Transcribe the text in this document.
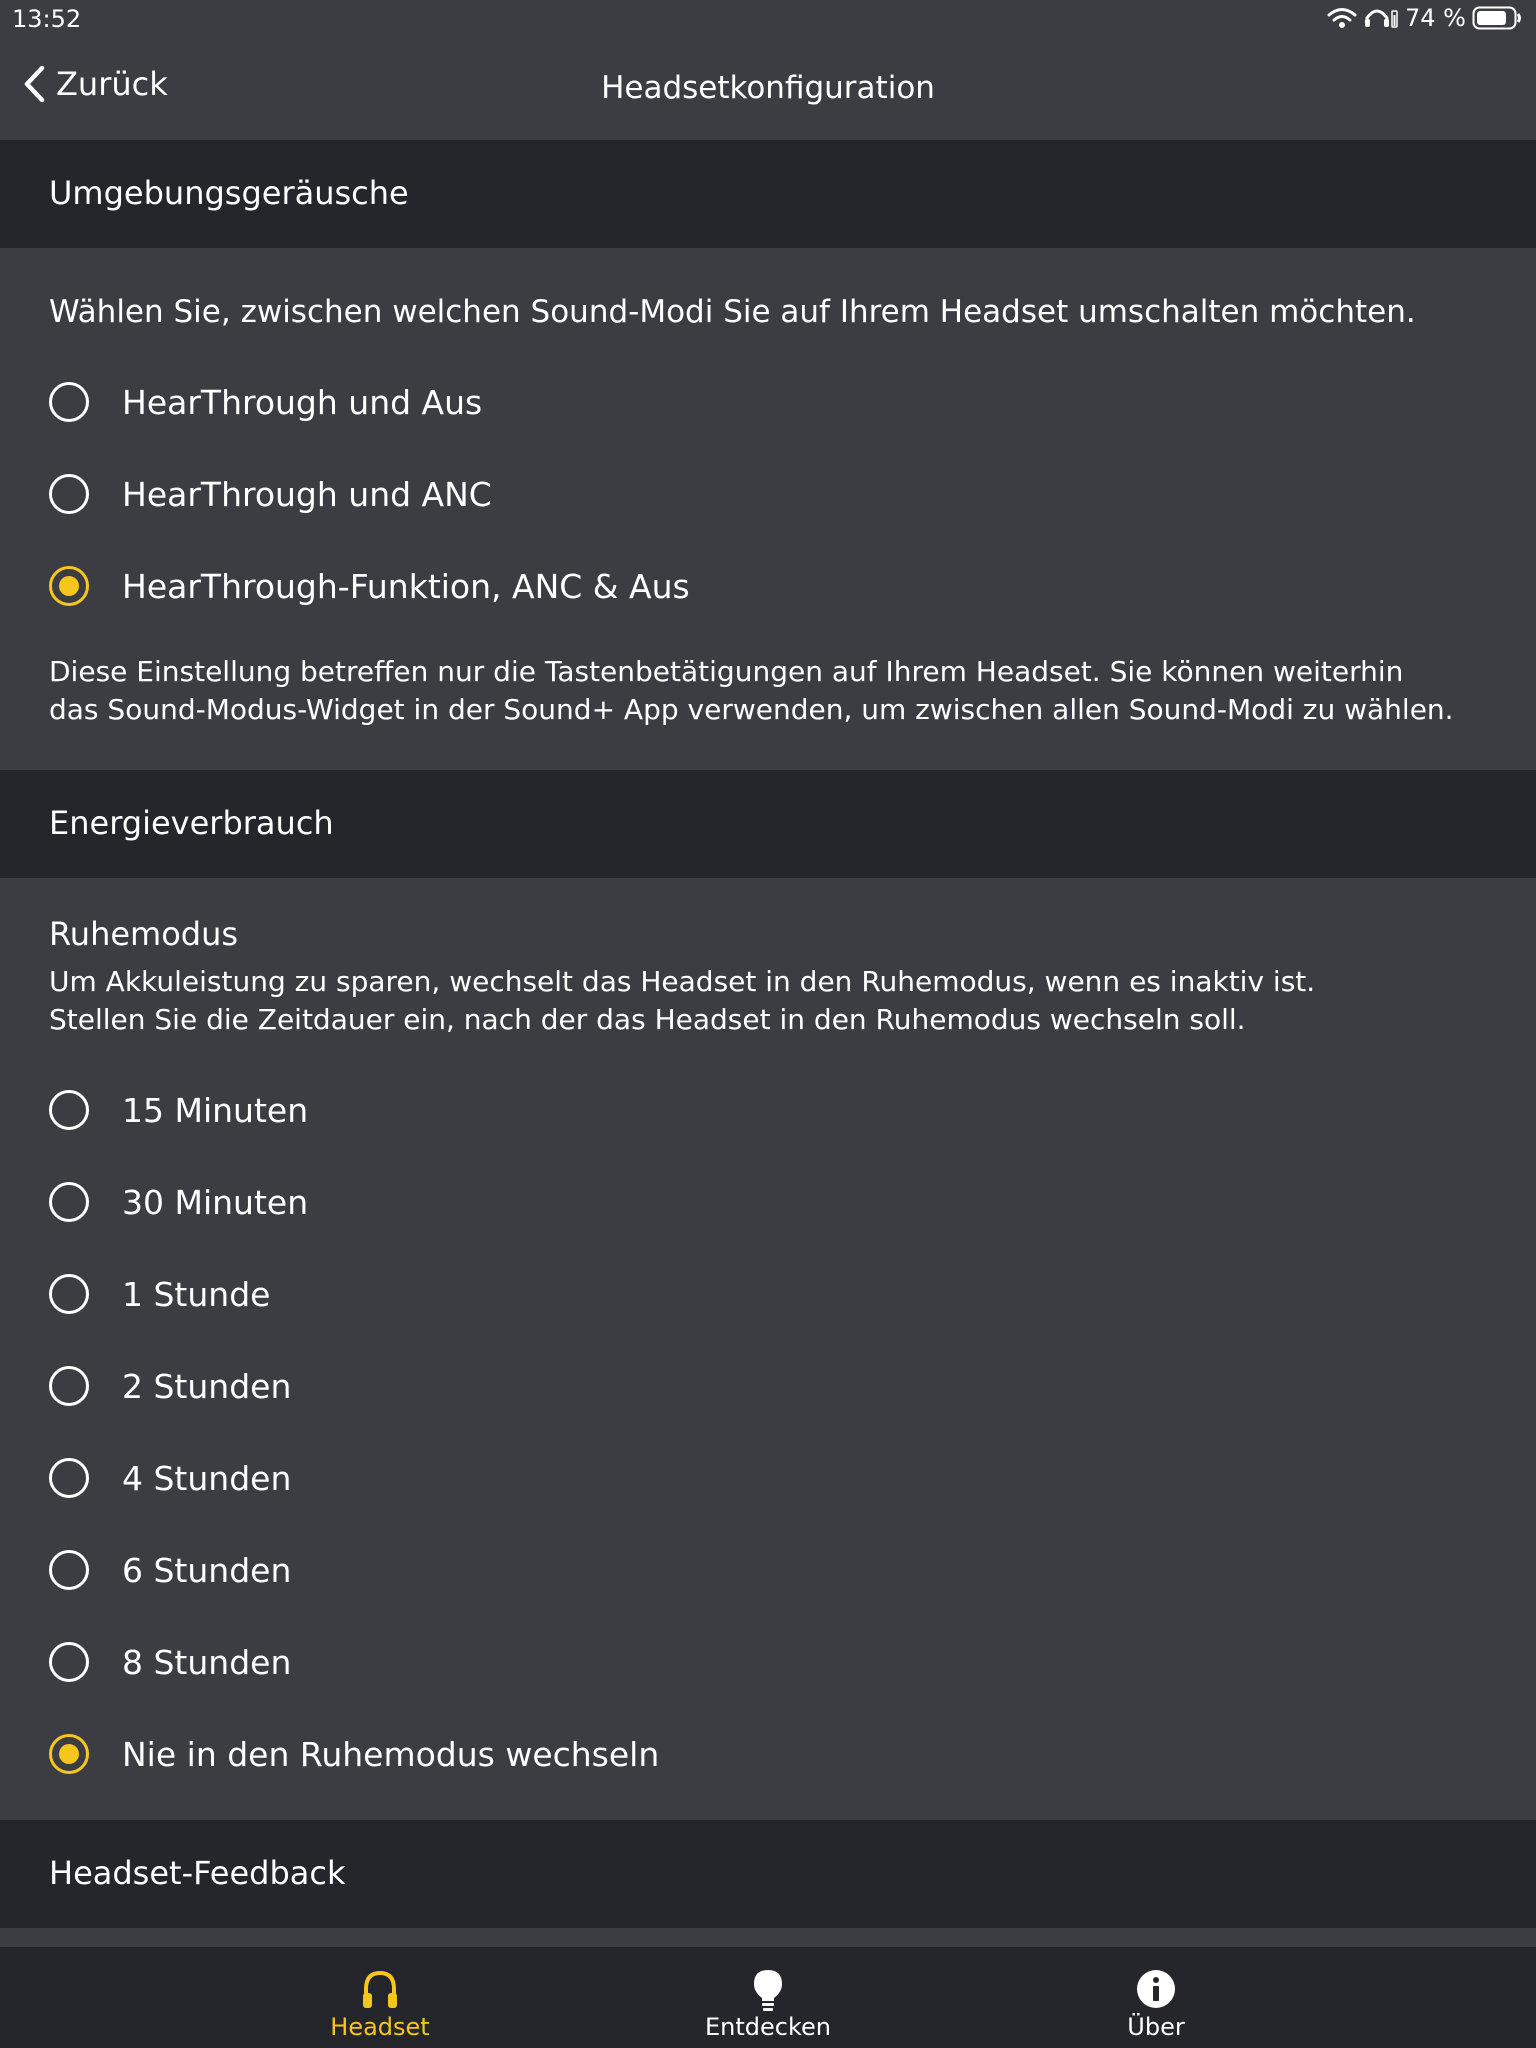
13:52	74 %
Zurück	Headsetkonfiguration
Umgebungsgeräusche
Wählen Sie, zwischen welchen Sound-Modi Sie auf Ihrem Headset umschalten möchten.
HearThrough und Aus
HearThrough und ANC
HearThrough-Funktion, ANC & Aus
Diese Einstellung betreffen nur die Tastenbetätigungen auf Ihrem Headset. Sie können weiterhin
das Sound-Modus-Widget in der Sound+ App verwenden, um zwischen allen Sound-Modi zu wählen.
Energieverbrauch
Ruhemodus
Um Akkuleistung zu sparen, wechselt das Headset in den Ruhemodus, wenn es inaktiv ist.
Stellen Sie die Zeitdauer ein, nach der das Headset in den Ruhemodus wechseln soll.
15 Minuten
30 Minuten
1 Stunde
2 Stunden
4 Stunden
6 Stunden
8 Stunden
Nie in den Ruhemodus wechseln
Headset-Feedback
Headset	Entdecken	Über
